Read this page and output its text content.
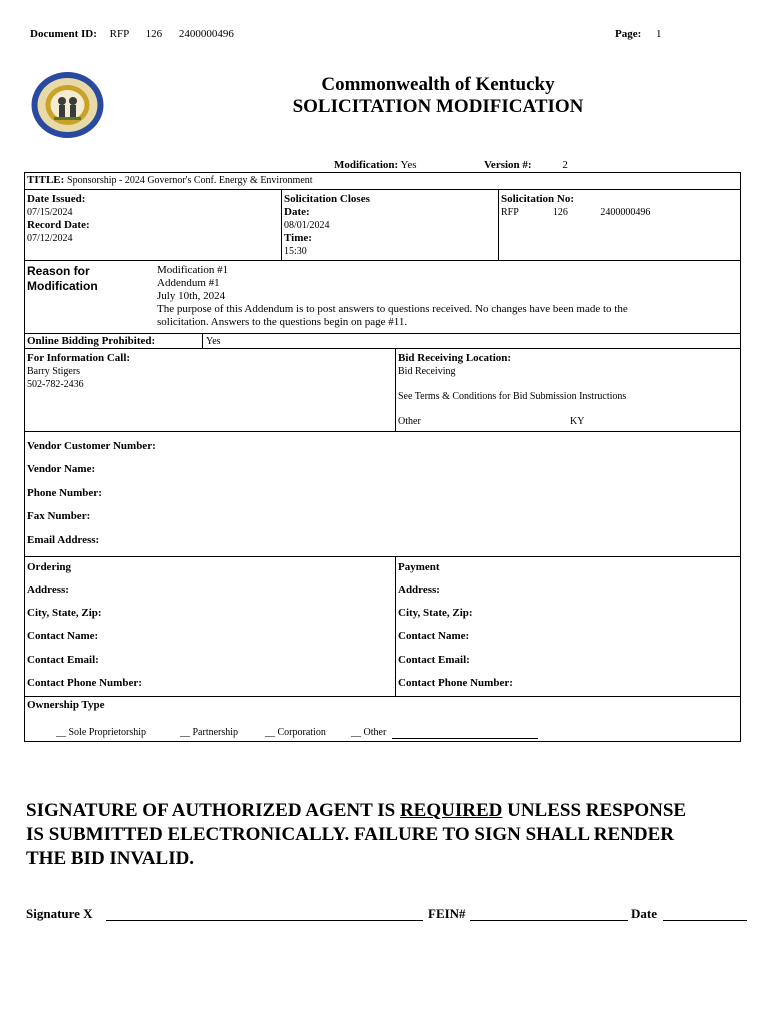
Document ID: RFP 126 2400000496	Page: 1
Commonwealth of Kentucky
SOLICITATION MODIFICATION
Modification: Yes	Version #:	2
TITLE: Sponsorship - 2024 Governor's Conf. Energy & Environment
Date Issued:
07/15/2024
Record Date:
07/12/2024
Solicitation Closes
Date:
08/01/2024
Time:
15:30
Solicitation No:
RFP	126	2400000496
Reason for
Modification
Modification #1
Addendum #1
July 10th, 2024
The purpose of this Addendum is to post answers to questions received. No changes have been made to the
solicitation. Answers to the questions begin on page #11.
Online Bidding Prohibited:	Yes
For Information Call:
Barry Stigers
502-782-2436
Bid Receiving Location:
Bid Receiving
See Terms & Conditions for Bid Submission Instructions
Other	KY
Vendor Customer Number:
Vendor Name:
Phone Number:
Fax Number:
Email Address:
Ordering
Address:
City, State, Zip:
Contact Name:
Contact Email:
Contact Phone Number:
Payment
Address:
City, State, Zip:
Contact Name:
Contact Email:
Contact Phone Number:
Ownership Type
__ Sole Proprietorship	__ Partnership	__ Corporation	__ Other
SIGNATURE OF AUTHORIZED AGENT IS REQUIRED UNLESS RESPONSE
IS SUBMITTED ELECTRONICALLY. FAILURE TO SIGN SHALL RENDER
THE BID INVALID.
Signature X	FEIN#	Date
